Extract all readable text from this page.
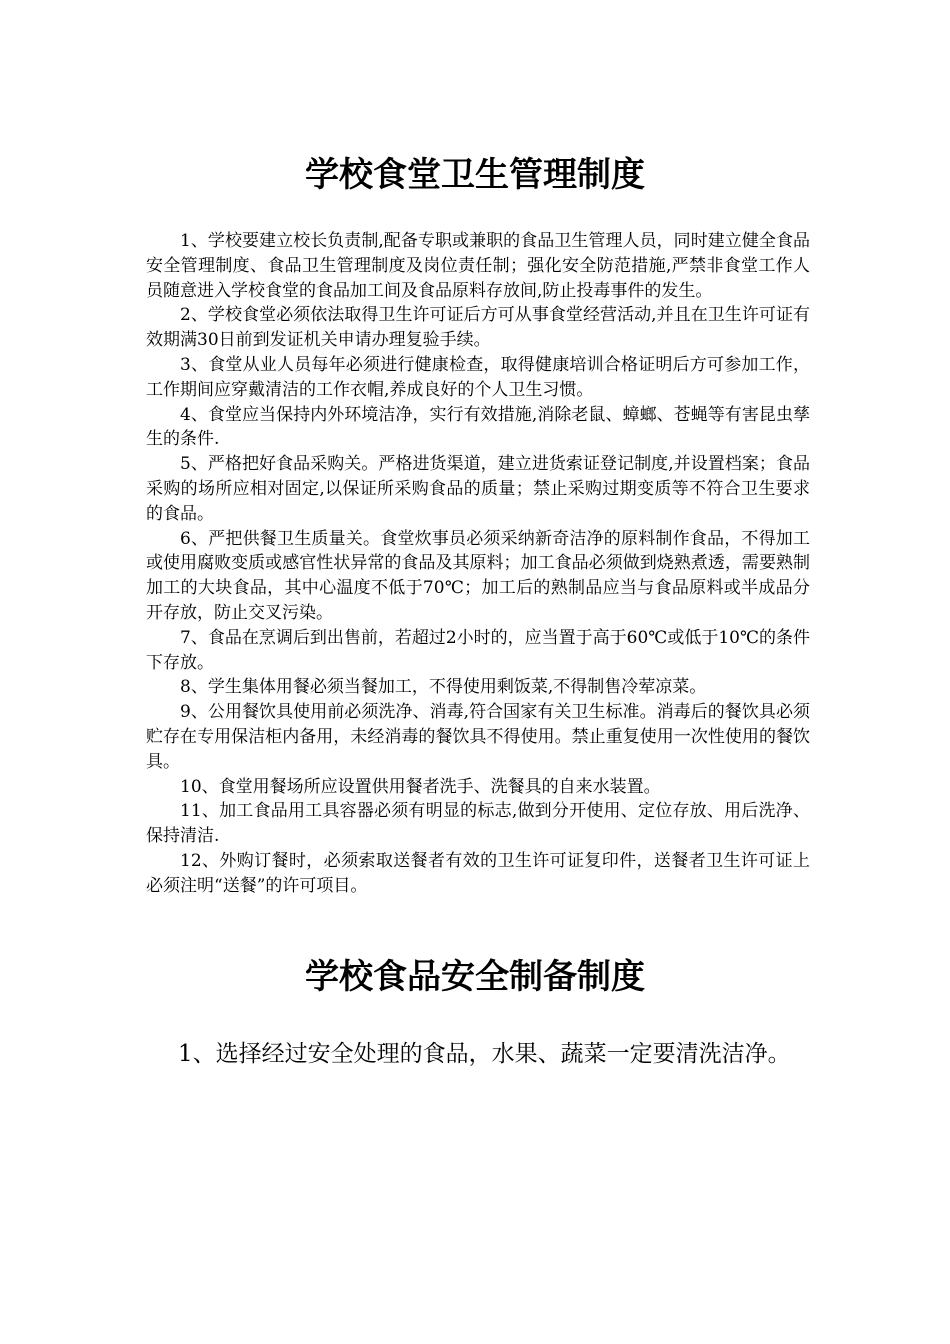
学校食堂卫生管理制度

1、学校要建立校长负责制,配备专职或兼职的食品卫生管理人员，同时建立健全食品安全管理制度、食品卫生管理制度及岗位责任制；强化安全防范措施,严禁非食堂工作人员随意进入学校食堂的食品加工间及食品原料存放间,防止投毒事件的发生。

2、学校食堂必须依法取得卫生许可证后方可从事食堂经营活动,并且在卫生许可证有效期满30日前到发证机关申请办理复验手续。

3、食堂从业人员每年必须进行健康检查，取得健康培训合格证明后方可参加工作，工作期间应穿戴清洁的工作衣帽,养成良好的个人卫生习惯。

4、食堂应当保持内外环境洁净，实行有效措施,消除老鼠、蟑螂、苍蝇等有害昆虫孳生的条件.

5、严格把好食品采购关。严格进货渠道，建立进货索证登记制度,并设置档案；食品采购的场所应相对固定,以保证所采购食品的质量；禁止采购过期变质等不符合卫生要求的食品。

6、严把供餐卫生质量关。食堂炊事员必须采纳新奇洁净的原料制作食品，不得加工或使用腐败变质或感官性状异常的食品及其原料；加工食品必须做到烧熟煮透，需要熟制加工的大块食品，其中心温度不低于70℃；加工后的熟制品应当与食品原料或半成品分开存放，防止交叉污染。

7、食品在烹调后到出售前，若超过2小时的，应当置于高于60℃或低于10℃的条件下存放。

8、学生集体用餐必须当餐加工，不得使用剩饭菜,不得制售冷荤凉菜。

9、公用餐饮具使用前必须洗净、消毒,符合国家有关卫生标准。消毒后的餐饮具必须贮存在专用保洁柜内备用，未经消毒的餐饮具不得使用。禁止重复使用一次性使用的餐饮具。

10、食堂用餐场所应设置供用餐者洗手、洗餐具的自来水装置。

11、加工食品用工具容器必须有明显的标志,做到分开使用、定位存放、用后洗净、保持清洁.

12、外购订餐时，必须索取送餐者有效的卫生许可证复印件，送餐者卫生许可证上必须注明“送餐”的许可项目。

学校食品安全制备制度

1、选择经过安全处理的食品，水果、蔬菜一定要清洗洁净。
